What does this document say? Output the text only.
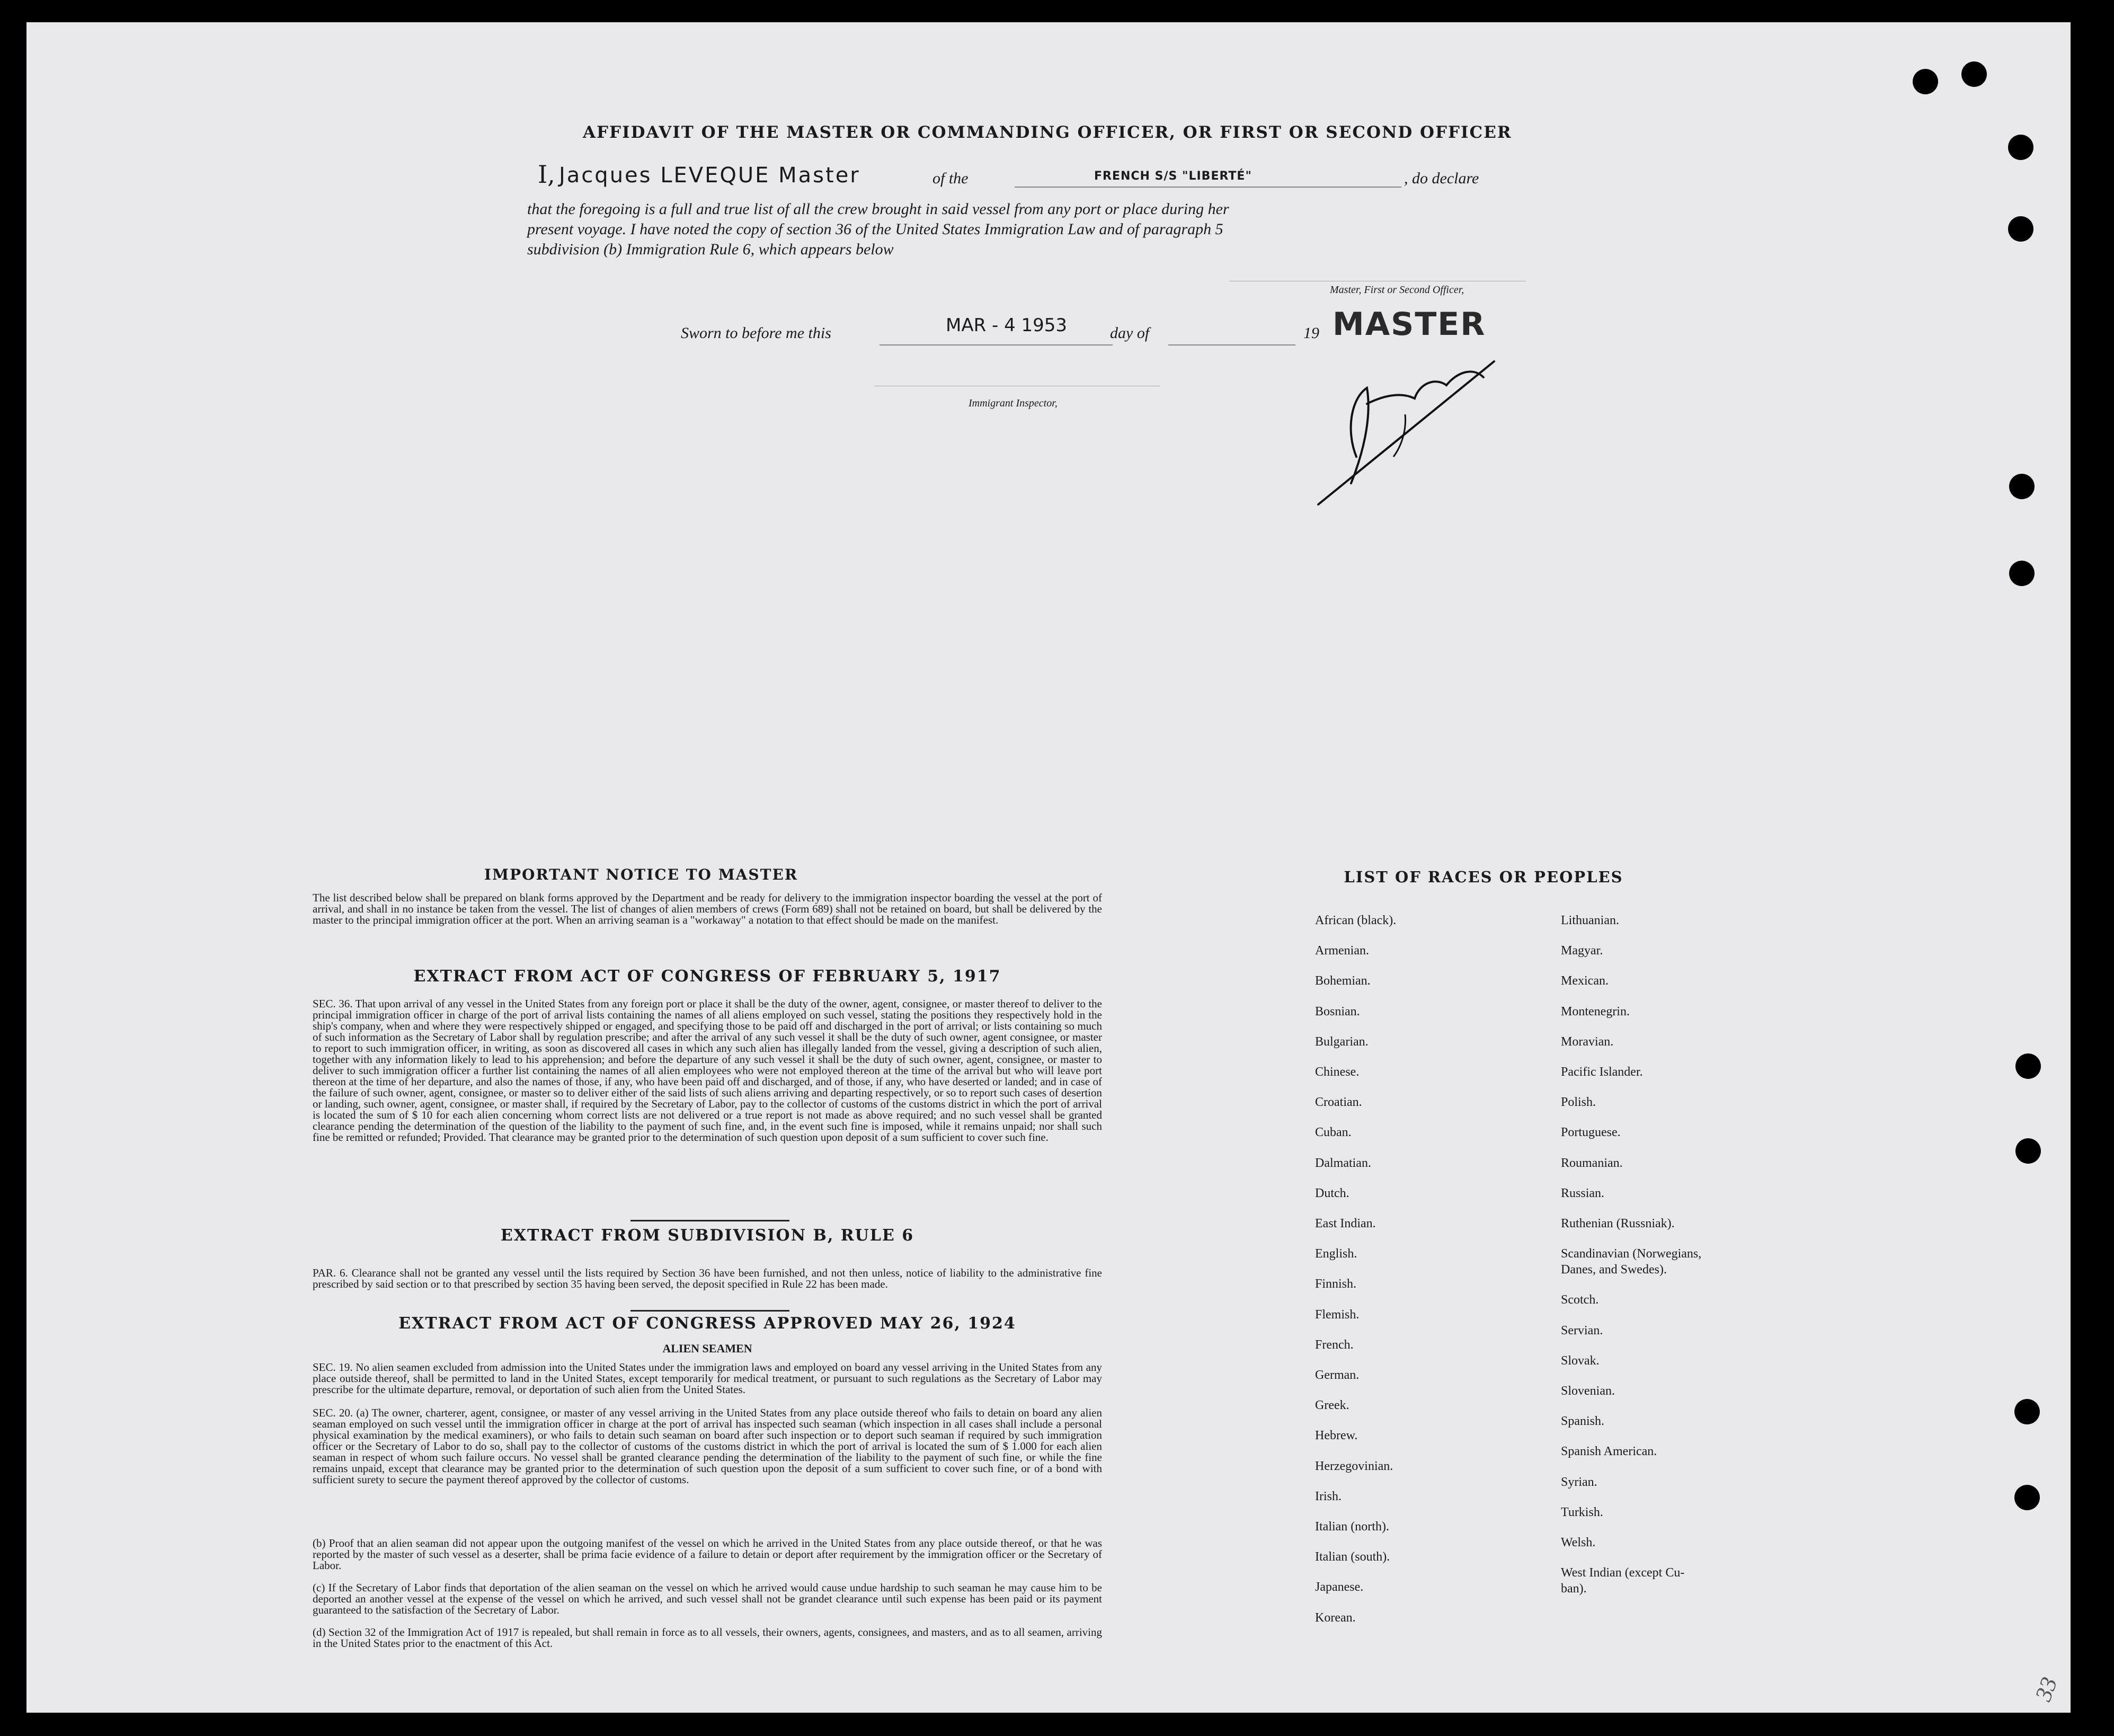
AFFIDAVIT OF THE MASTER OR COMMANDING OFFICER, OR FIRST OR SECOND OFFICER
I, Jacques LEVEQUE Master	of the	FRENCH S/S "LIBERTÉ"	, do declare
that the foregoing is a full and true list of all the crew brought in said vessel from any port or place during her
present voyage. I have noted the copy of section 36 of the United States Immigration Law and of paragraph 5
subdivision (b) Immigration Rule 6, which appears below
Master, First or Second Officer,
Sworn to before me this	MAR - 4 1953	day of	19 MASTER
Immigrant Inspector,
IMPORTANT NOTICE TO MASTER
The list described below shall be prepared on blank forms approved by the Department and be ready for delivery to the immigration inspector boarding the vessel at the port of arrival, and shall in no instance be taken from the vessel. The list of changes of alien members of crews (Form 689) shall not be retained on board, but shall be delivered by the master to the principal immigration officer at the port. When an arriving seaman is a "workaway" a notation to that effect should be made on the manifest.
EXTRACT FROM ACT OF CONGRESS OF FEBRUARY 5, 1917
SEC. 36. That upon arrival of any vessel in the United States from any foreign port or place it shall be the duty of the owner, agent, consignee, or master thereof to deliver to the principal immigration officer in charge of the port of arrival lists containing the names of all aliens employed on such vessel, stating the positions they respectively hold in the ship's company, when and where they were respectively shipped or engaged, and specifying those to be paid off and discharged in the port of arrival; or lists containing so much of such information as the Secretary of Labor shall by regulation prescribe; and after the arrival of any such vessel it shall be the duty of such owner, agent consignee, or master to report to such immigration officer, in writing, as soon as discovered all cases in which any such alien has illegally landed from the vessel, giving a description of such alien, together with any information likely to lead to his apprehension; and before the departure of any such vessel it shall be the duty of such owner, agent, consignee, or master to deliver to such immigration officer a further list containing the names of all alien employees who were not employed thereon at the time of the arrival but who will leave port thereon at the time of her departure, and also the names of those, if any, who have been paid off and discharged, and of those, if any, who have deserted or landed; and in case of the failure of such owner, agent, consignee, or master so to deliver either of the said lists of such aliens arriving and departing respectively, or so to report such cases of desertion or landing, such owner, agent, consignee, or master shall, if required by the Secretary of Labor, pay to the collector of customs of the customs district in which the port of arrival is located the sum of $ 10 for each alien concerning whom correct lists are not delivered or a true report is not made as above required; and no such vessel shall be granted clearance pending the determination of the question of the liability to the payment of such fine, and, in the event such fine is imposed, while it remains unpaid; nor shall such fine be remitted or refunded; Provided. That clearance may be granted prior to the determination of such question upon deposit of a sum sufficient to cover such fine.
EXTRACT FROM SUBDIVISION B, RULE 6
PAR. 6. Clearance shall not be granted any vessel until the lists required by Section 36 have been furnished, and not then unless, notice of liability to the administrative fine prescribed by said section or to that prescribed by section 35 having been served, the deposit specified in Rule 22 has been made.
EXTRACT FROM ACT OF CONGRESS APPROVED MAY 26, 1924
ALIEN SEAMEN
SEC. 19. No alien seamen excluded from admission into the United States under the immigration laws and employed on board any vessel arriving in the United States from any place outside thereof, shall be permitted to land in the United States, except temporarily for medical treatment, or pursuant to such regulations as the Secretary of Labor may prescribe for the ultimate departure, removal, or deportation of such alien from the United States.
SEC. 20. (a) The owner, charterer, agent, consignee, or master of any vessel arriving in the United States from any place outside thereof who fails to detain on board any alien seaman employed on such vessel until the immigration officer in charge at the port of arrival has inspected such seaman (which inspection in all cases shall include a personal physical examination by the medical examiners), or who fails to detain such seaman on board after such inspection or to deport such seaman if required by such immigration officer or the Secretary of Labor to do so, shall pay to the collector of customs of the customs district in which the port of arrival is located the sum of $ 1.000 for each alien seaman in respect of whom such failure occurs. No vessel shall be granted clearance pending the determination of the liability to the payment of such fine, or while the fine remains unpaid, except that clearance may be granted prior to the determination of such question upon the deposit of a sum sufficient to cover such fine, or of a bond with sufficient surety to secure the payment thereof approved by the collector of customs.
(b) Proof that an alien seaman did not appear upon the outgoing manifest of the vessel on which he arrived in the United States from any place outside thereof, or that he was reported by the master of such vessel as a deserter, shall be prima facie evidence of a failure to detain or deport after requirement by the immigration officer or the Secretary of Labor.
(c) If the Secretary of Labor finds that deportation of the alien seaman on the vessel on which he arrived would cause undue hardship to such seaman he may cause him to be deported an another vessel at the expense of the vessel on which he arrived, and such vessel shall not be grandet clearance until such expense has been paid or its payment guaranteed to the satisfaction of the Secretary of Labor.
(d) Section 32 of the Immigration Act of 1917 is repealed, but shall remain in force as to all vessels, their owners, agents, consignees, and masters, and as to all seamen, arriving in the United States prior to the enactment of this Act.
LIST OF RACES OR PEOPLES
African (black).
Armenian.
Bohemian.
Bosnian.
Bulgarian.
Chinese.
Croatian.
Cuban.
Dalmatian.
Dutch.
East Indian.
English.
Finnish.
Flemish.
French.
German.
Greek.
Hebrew.
Herzegovinian.
Irish.
Italian (north).
Italian (south).
Japanese.
Korean.
Lithuanian.
Magyar.
Mexican.
Montenegrin.
Moravian.
Pacific Islander.
Polish.
Portuguese.
Roumanian.
Russian.
Ruthenian (Russniak).
Scandinavian (Norwegians,
Danes, and Swedes).
Scotch.
Servian.
Slovak.
Slovenian.
Spanish.
Spanish American.
Syrian.
Turkish.
Welsh.
West Indian (except Cu-
ban).
33
